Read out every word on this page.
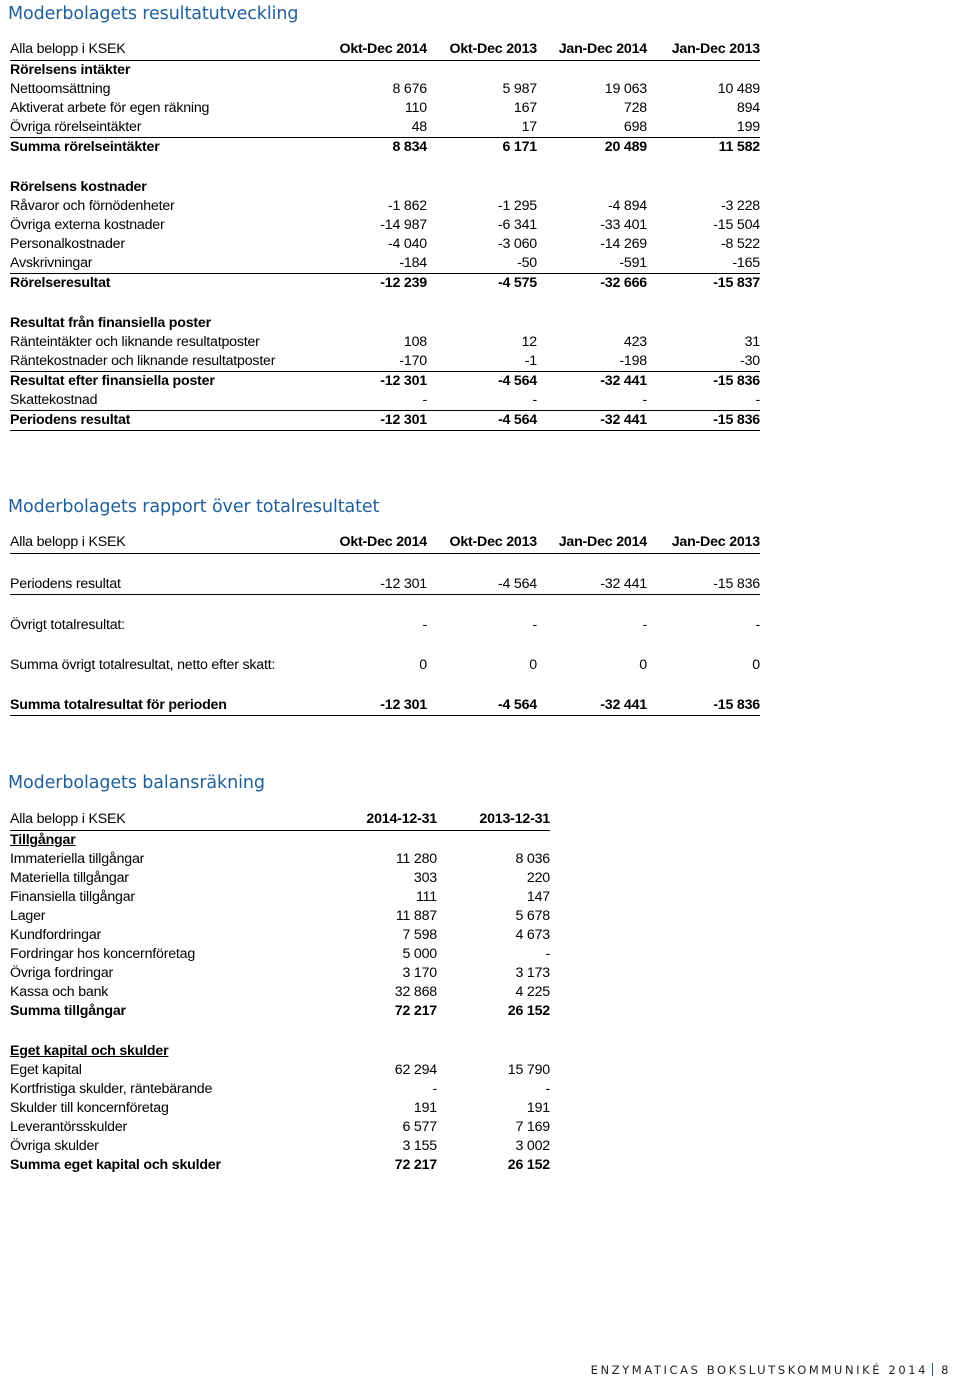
Moderbolagets resultatutveckling
Alla belopp i KSEK	Okt-Dec 2014	Okt-Dec 2013	Jan-Dec 2014	Jan-Dec 2013
Rörelsens intäkter				
Nettoomsättning	8 676	5 987	19 063	10 489
Aktiverat arbete för egen räkning	110	167	728	894
Övriga rörelseintäkter	48	17	698	199
Summa rörelseintäkter	8 834	6 171	20 489	11 582

Rörelsens kostnader				
Råvaror och förnödenheter	-1 862	-1 295	-4 894	-3 228
Övriga externa kostnader	-14 987	-6 341	-33 401	-15 504
Personalkostnader	-4 040	-3 060	-14 269	-8 522
Avskrivningar	-184	-50	-591	-165
Rörelseresultat	-12 239	-4 575	-32 666	-15 837

Resultat från finansiella poster				
Ränteintäkter och liknande resultatposter	108	12	423	31
Räntekostnader och liknande resultatposter	-170	-1	-198	-30
Resultat efter finansiella poster	-12 301	-4 564	-32 441	-15 836
Skattekostnad	-	-	-	-
Periodens resultat	-12 301	-4 564	-32 441	-15 836
Moderbolagets rapport över totalresultatet
Alla belopp i KSEK	Okt-Dec 2014	Okt-Dec 2013	Jan-Dec 2014	Jan-Dec 2013

Periodens resultat	-12 301	-4 564	-32 441	-15 836

Övrigt totalresultat:	-	-	-	-

Summa övrigt totalresultat, netto efter skatt:	0	0	0	0

Summa totalresultat för perioden	-12 301	-4 564	-32 441	-15 836
Moderbolagets balansräkning
Alla belopp i KSEK	2014-12-31	2013-12-31
Tillgångar		
Immateriella tillgångar	11 280	8 036
Materiella tillgångar	303	220
Finansiella tillgångar	111	147
Lager	11 887	5 678
Kundfordringar	7 598	4 673
Fordringar hos koncernföretag	5 000	-
Övriga fordringar	3 170	3 173
Kassa och bank	32 868	4 225
Summa tillgångar	72 217	26 152

Eget kapital och skulder		
Eget kapital	62 294	15 790
Kortfristiga skulder, räntebärande	-	-
Skulder till koncernföretag	191	191
Leverantörsskulder	6 577	7 169
Övriga skulder	3 155	3 002
Summa eget kapital och skulder	72 217	26 152
ENZYMATICAS BOKSLUTSKOMMUNIKÉ 2014 8
